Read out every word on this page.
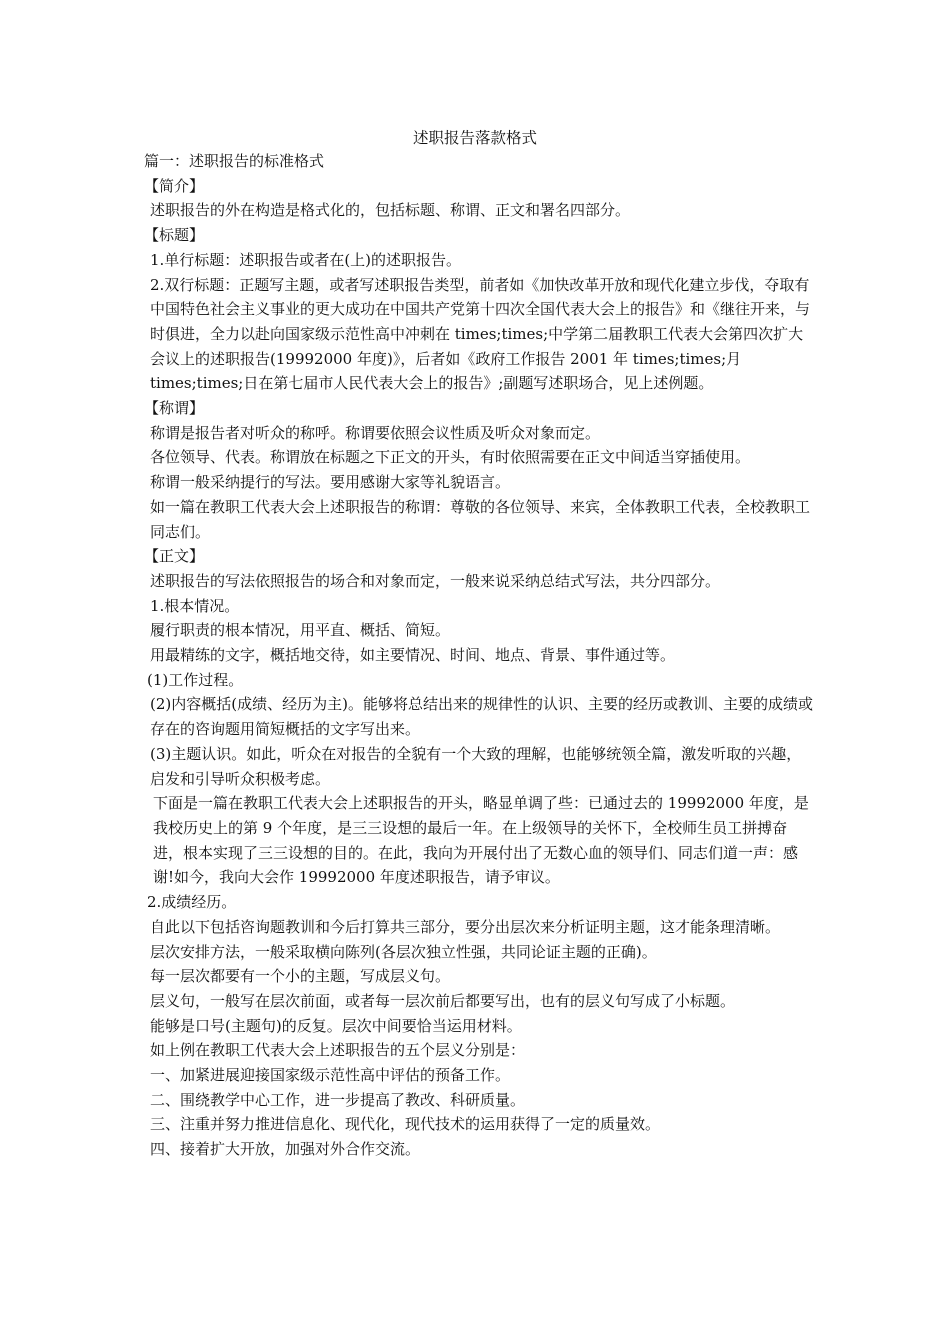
述职报告落款格式

篇一：述职报告的标准格式

【简介】

述职报告的外在构造是格式化的，包括标题、称谓、正文和署名四部分。

【标题】

1.单行标题：述职报告或者在(上)的述职报告。

2.双行标题：正题写主题，或者写述职报告类型，前者如《加快改革开放和现代化建立步伐，夺取有中国特色社会主义事业的更大成功在中国共产党第十四次全国代表大会上的报告》和《继往开来，与时俱进，全力以赴向国家级示范性高中冲刺在 times;times;中学第二届教职工代表大会第四次扩大会议上的述职报告(19992000 年度)》，后者如《政府工作报告 2001 年 times;times;月 times;times;日在第七届市人民代表大会上的报告》;副题写述职场合，见上述例题。

【称谓】

称谓是报告者对听众的称呼。称谓要依照会议性质及听众对象而定。

各位领导、代表。称谓放在标题之下正文的开头，有时依照需要在正文中间适当穿插使用。

称谓一般采纳提行的写法。要用感谢大家等礼貌语言。

如一篇在教职工代表大会上述职报告的称谓：尊敬的各位领导、来宾，全体教职工代表，全校教职工同志们。

【正文】

述职报告的写法依照报告的场合和对象而定，一般来说采纳总结式写法，共分四部分。

1.根本情况。

履行职责的根本情况，用平直、概括、简短。

用最精练的文字，概括地交待，如主要情况、时间、地点、背景、事件通过等。

(1)工作过程。

(2)内容概括(成绩、经历为主)。能够将总结出来的规律性的认识、主要的经历或教训、主要的成绩或存在的咨询题用简短概括的文字写出来。

(3)主题认识。如此，听众在对报告的全貌有一个大致的理解，也能够统领全篇，激发听取的兴趣，启发和引导听众积极考虑。

下面是一篇在教职工代表大会上述职报告的开头，略显单调了些：已通过去的 19992000 年度，是我校历史上的第 9 个年度，是三三设想的最后一年。在上级领导的关怀下，全校师生员工拼搏奋进，根本实现了三三设想的目的。在此，我向为开展付出了无数心血的领导们、同志们道一声：感谢!如今，我向大会作 19992000 年度述职报告，请予审议。

2.成绩经历。

自此以下包括咨询题教训和今后打算共三部分，要分出层次来分析证明主题，这才能条理清晰。

层次安排方法，一般采取横向陈列(各层次独立性强，共同论证主题的正确)。

每一层次都要有一个小的主题，写成层义句。

层义句，一般写在层次前面，或者每一层次前后都要写出，也有的层义句写成了小标题。

能够是口号(主题句)的反复。层次中间要恰当运用材料。

如上例在教职工代表大会上述职报告的五个层义分别是：

一、加紧进展迎接国家级示范性高中评估的预备工作。

二、围绕教学中心工作，进一步提高了教改、科研质量。

三、注重并努力推进信息化、现代化，现代技术的运用获得了一定的质量效。

四、接着扩大开放，加强对外合作交流。
